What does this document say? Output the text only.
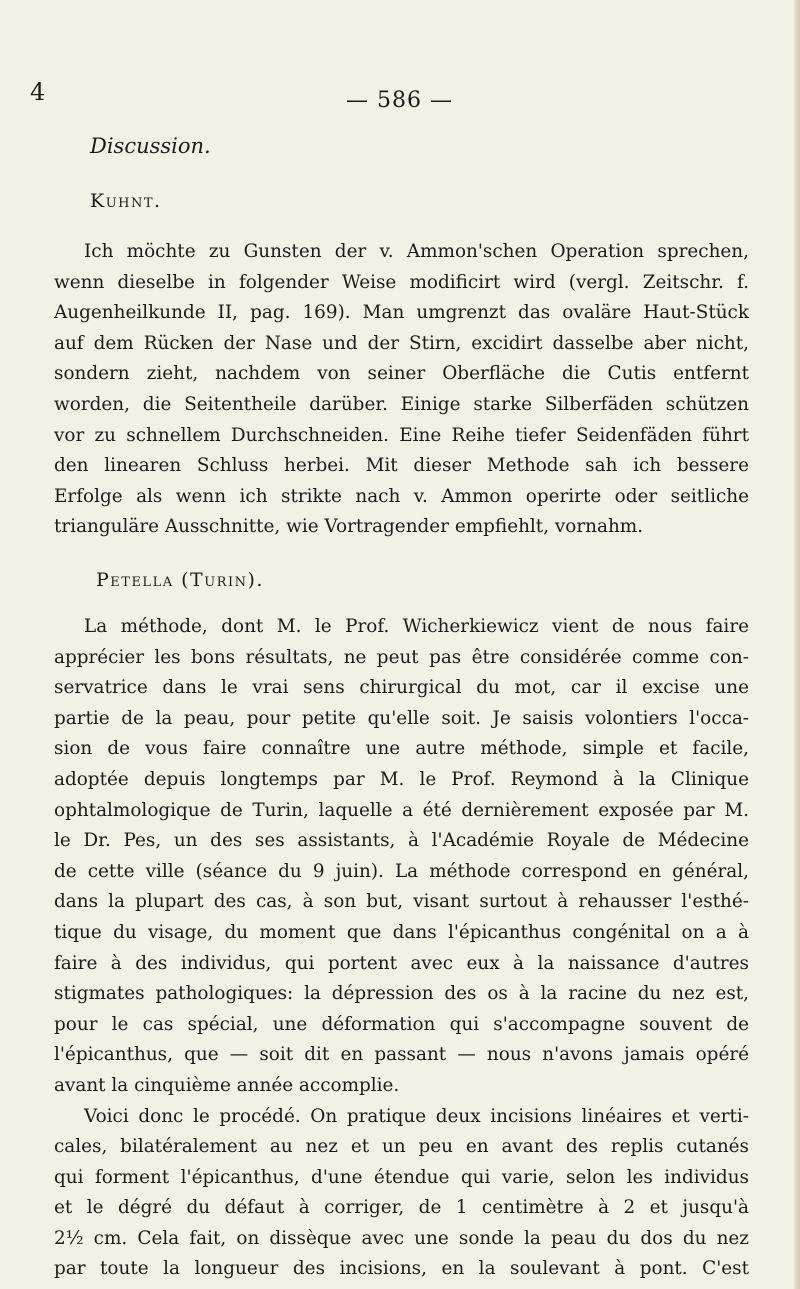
4	— 586 —
Discussion.
Kuhnt.
Ich möchte zu Gunsten der v. Ammon'schen Operation sprechen,
wenn dieselbe in folgender Weise modificirt wird (vergl. Zeitschr. f.
Augenheilkunde II, pag. 169). Man umgrenzt das ovaläre Haut-Stück
auf dem Rücken der Nase und der Stirn, excidirt dasselbe aber nicht,
sondern zieht, nachdem von seiner Oberfläche die Cutis entfernt
worden, die Seitentheile darüber. Einige starke Silberfäden schützen
vor zu schnellem Durchschneiden. Eine Reihe tiefer Seidenfäden führt
den linearen Schluss herbei. Mit dieser Methode sah ich bessere
Erfolge als wenn ich strikte nach v. Ammon operirte oder seitliche
trianguläre Ausschnitte, wie Vortragender empfiehlt, vornahm.
Petella (Turin).
La méthode, dont M. le Prof. Wicherkiewicz vient de nous faire
apprécier les bons résultats, ne peut pas être considérée comme con-
servatrice dans le vrai sens chirurgical du mot, car il excise une
partie de la peau, pour petite qu'elle soit. Je saisis volontiers l'occa-
sion de vous faire connaître une autre méthode, simple et facile,
adoptée depuis longtemps par M. le Prof. Reymond à la Clinique
ophtalmologique de Turin, laquelle a été dernièrement exposée par M.
le Dr. Pes, un des ses assistants, à l'Académie Royale de Médecine
de cette ville (séance du 9 juin). La méthode correspond en général,
dans la plupart des cas, à son but, visant surtout à rehausser l'esthé-
tique du visage, du moment que dans l'épicanthus congénital on a à
faire à des individus, qui portent avec eux à la naissance d'autres
stigmates pathologiques: la dépression des os à la racine du nez est,
pour le cas spécial, une déformation qui s'accompagne souvent de
l'épicanthus, que — soit dit en passant — nous n'avons jamais opéré
avant la cinquième année accomplie.
Voici donc le procédé. On pratique deux incisions linéaires et verti-
cales, bilatéralement au nez et un peu en avant des replis cutanés
qui forment l'épicanthus, d'une étendue qui varie, selon les individus
et le dégré du défaut à corriger, de 1 centimètre à 2 et jusqu'à
2½ cm. Cela fait, on dissèque avec une sonde la peau du dos du nez
par toute la longueur des incisions, en la soulevant à pont. C'est
